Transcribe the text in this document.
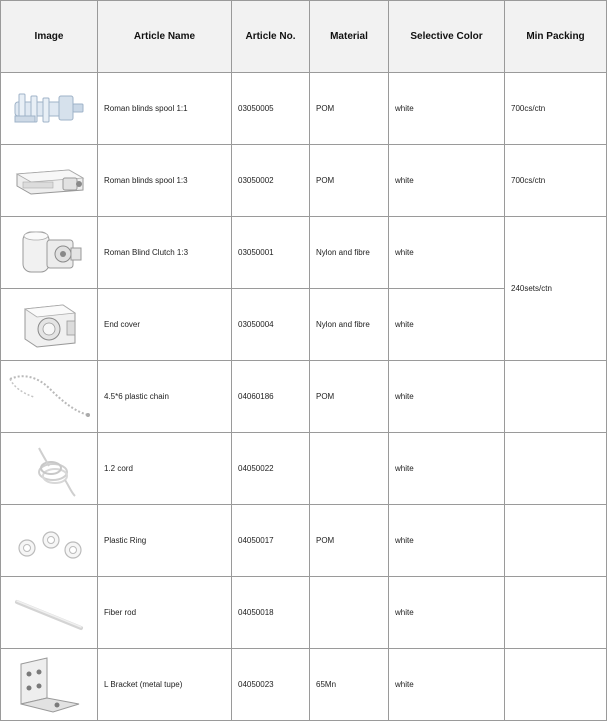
Image	Article Name	Article No.	Material	Selective Color	Min Packing

	Roman blinds spool 1:1	03050005	POM	white	700cs/ctn

	Roman blinds spool 1:3	03050002	POM	white	700cs/ctn

	Roman Blind Clutch 1:3	03050001	Nylon and fibre	white	240sets/ctn

	End cover	03050004	Nylon and fibre	white	

	4.5*6 plastic chain	04060186	POM	white	

	1.2 cord	04050022		white	

	Plastic Ring	04050017	POM	white	

	Fiber rod	04050018		white	

	L Bracket (metal tupe)	04050023	65Mn	white	
